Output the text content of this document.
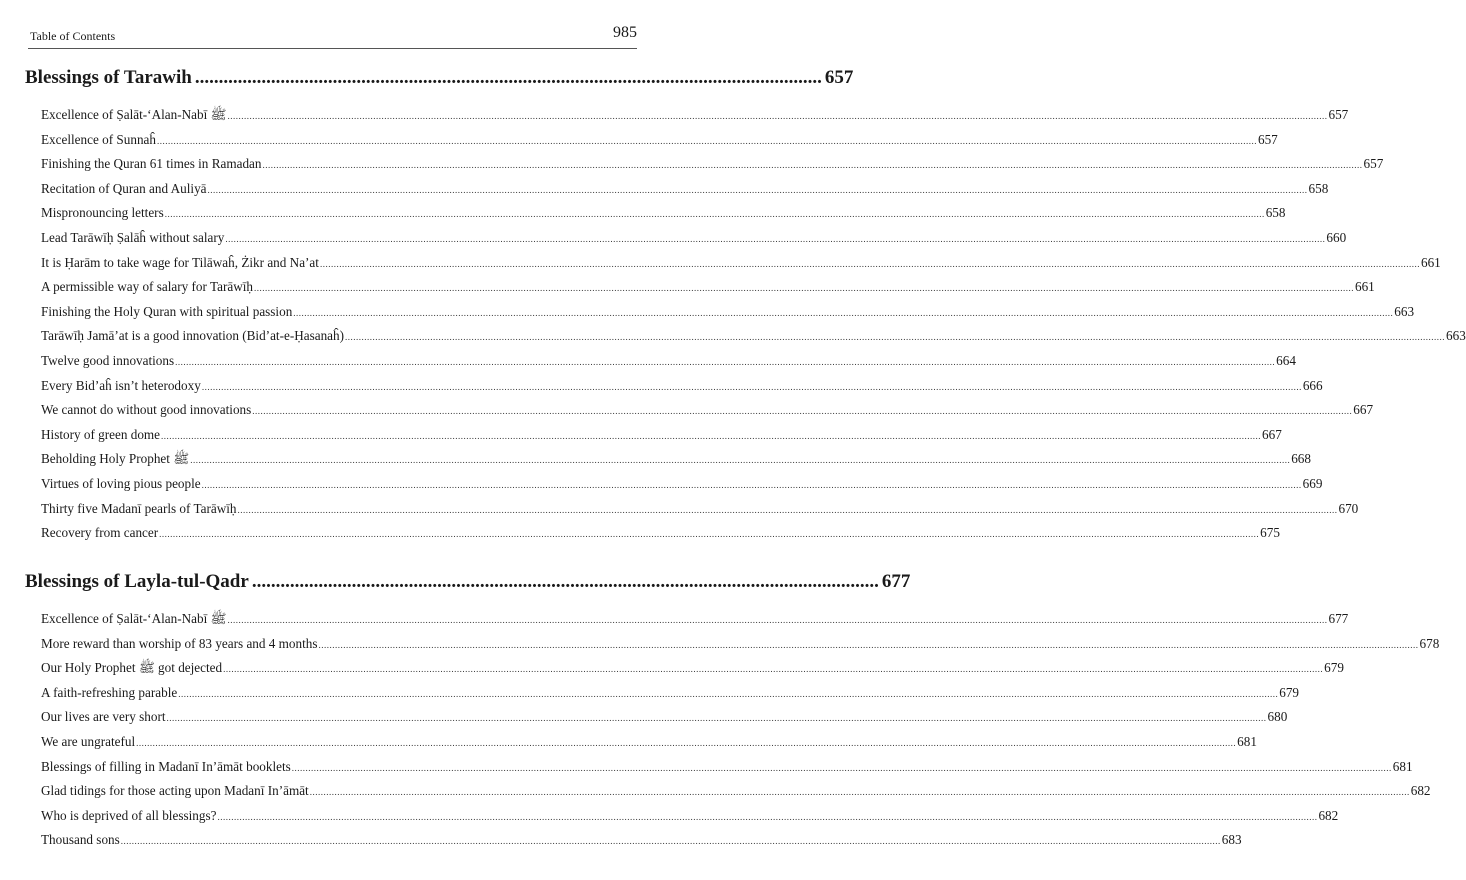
Table of Contents	985
Blessings of Tarawih .................................................................................................................................... 657
Excellence of Ṣalāt-‘Alan-Nabī ﷺ ................................................................................................................................................................................................................................................................................................................................................................................................................ 657
Excellence of Sunnaĥ ................................................................................................................................................................................................................................................................................................................................................................................................................ 657
Finishing the Quran 61 times in Ramadan ................................................................................................................................................................................................................................................................................................................................................................................................................ 657
Recitation of Quran and Auliyā ................................................................................................................................................................................................................................................................................................................................................................................................................ 658
Mispronouncing letters ................................................................................................................................................................................................................................................................................................................................................................................................................ 658
Lead Tarāwīḥ Ṣalāĥ without salary ................................................................................................................................................................................................................................................................................................................................................................................................................ 660
It is Ḥarām to take wage for Tilāwaĥ, Żikr and Na’at ................................................................................................................................................................................................................................................................................................................................................................................................................ 661
A permissible way of salary for Tarāwīḥ ................................................................................................................................................................................................................................................................................................................................................................................................................ 661
Finishing the Holy Quran with spiritual passion ................................................................................................................................................................................................................................................................................................................................................................................................................ 663
Tarāwīḥ Jamā’at is a good innovation (Bid’at-e-Ḥasanaĥ) ................................................................................................................................................................................................................................................................................................................................................................................................................ 663
Twelve good innovations ................................................................................................................................................................................................................................................................................................................................................................................................................ 664
Every Bid’aĥ isn’t heterodoxy ................................................................................................................................................................................................................................................................................................................................................................................................................ 666
We cannot do without good innovations ................................................................................................................................................................................................................................................................................................................................................................................................................ 667
History of green dome ................................................................................................................................................................................................................................................................................................................................................................................................................ 667
Beholding Holy Prophet ﷺ ................................................................................................................................................................................................................................................................................................................................................................................................................ 668
Virtues of loving pious people ................................................................................................................................................................................................................................................................................................................................................................................................................ 669
Thirty five Madanī pearls of Tarāwīḥ ................................................................................................................................................................................................................................................................................................................................................................................................................ 670
Recovery from cancer ................................................................................................................................................................................................................................................................................................................................................................................................................ 675
Blessings of Layla-tul-Qadr .................................................................................................................................... 677
Excellence of Ṣalāt-‘Alan-Nabī ﷺ ................................................................................................................................................................................................................................................................................................................................................................................................................ 677
More reward than worship of 83 years and 4 months ................................................................................................................................................................................................................................................................................................................................................................................................................ 678
Our Holy Prophet ﷺ got dejected ................................................................................................................................................................................................................................................................................................................................................................................................................ 679
A faith-refreshing parable ................................................................................................................................................................................................................................................................................................................................................................................................................ 679
Our lives are very short ................................................................................................................................................................................................................................................................................................................................................................................................................ 680
We are ungrateful ................................................................................................................................................................................................................................................................................................................................................................................................................ 681
Blessings of filling in Madanī In’āmāt booklets ................................................................................................................................................................................................................................................................................................................................................................................................................ 681
Glad tidings for those acting upon Madanī In’āmāt ................................................................................................................................................................................................................................................................................................................................................................................................................ 682
Who is deprived of all blessings? ................................................................................................................................................................................................................................................................................................................................................................................................................ 682
Thousand sons ................................................................................................................................................................................................................................................................................................................................................................................................................ 683
